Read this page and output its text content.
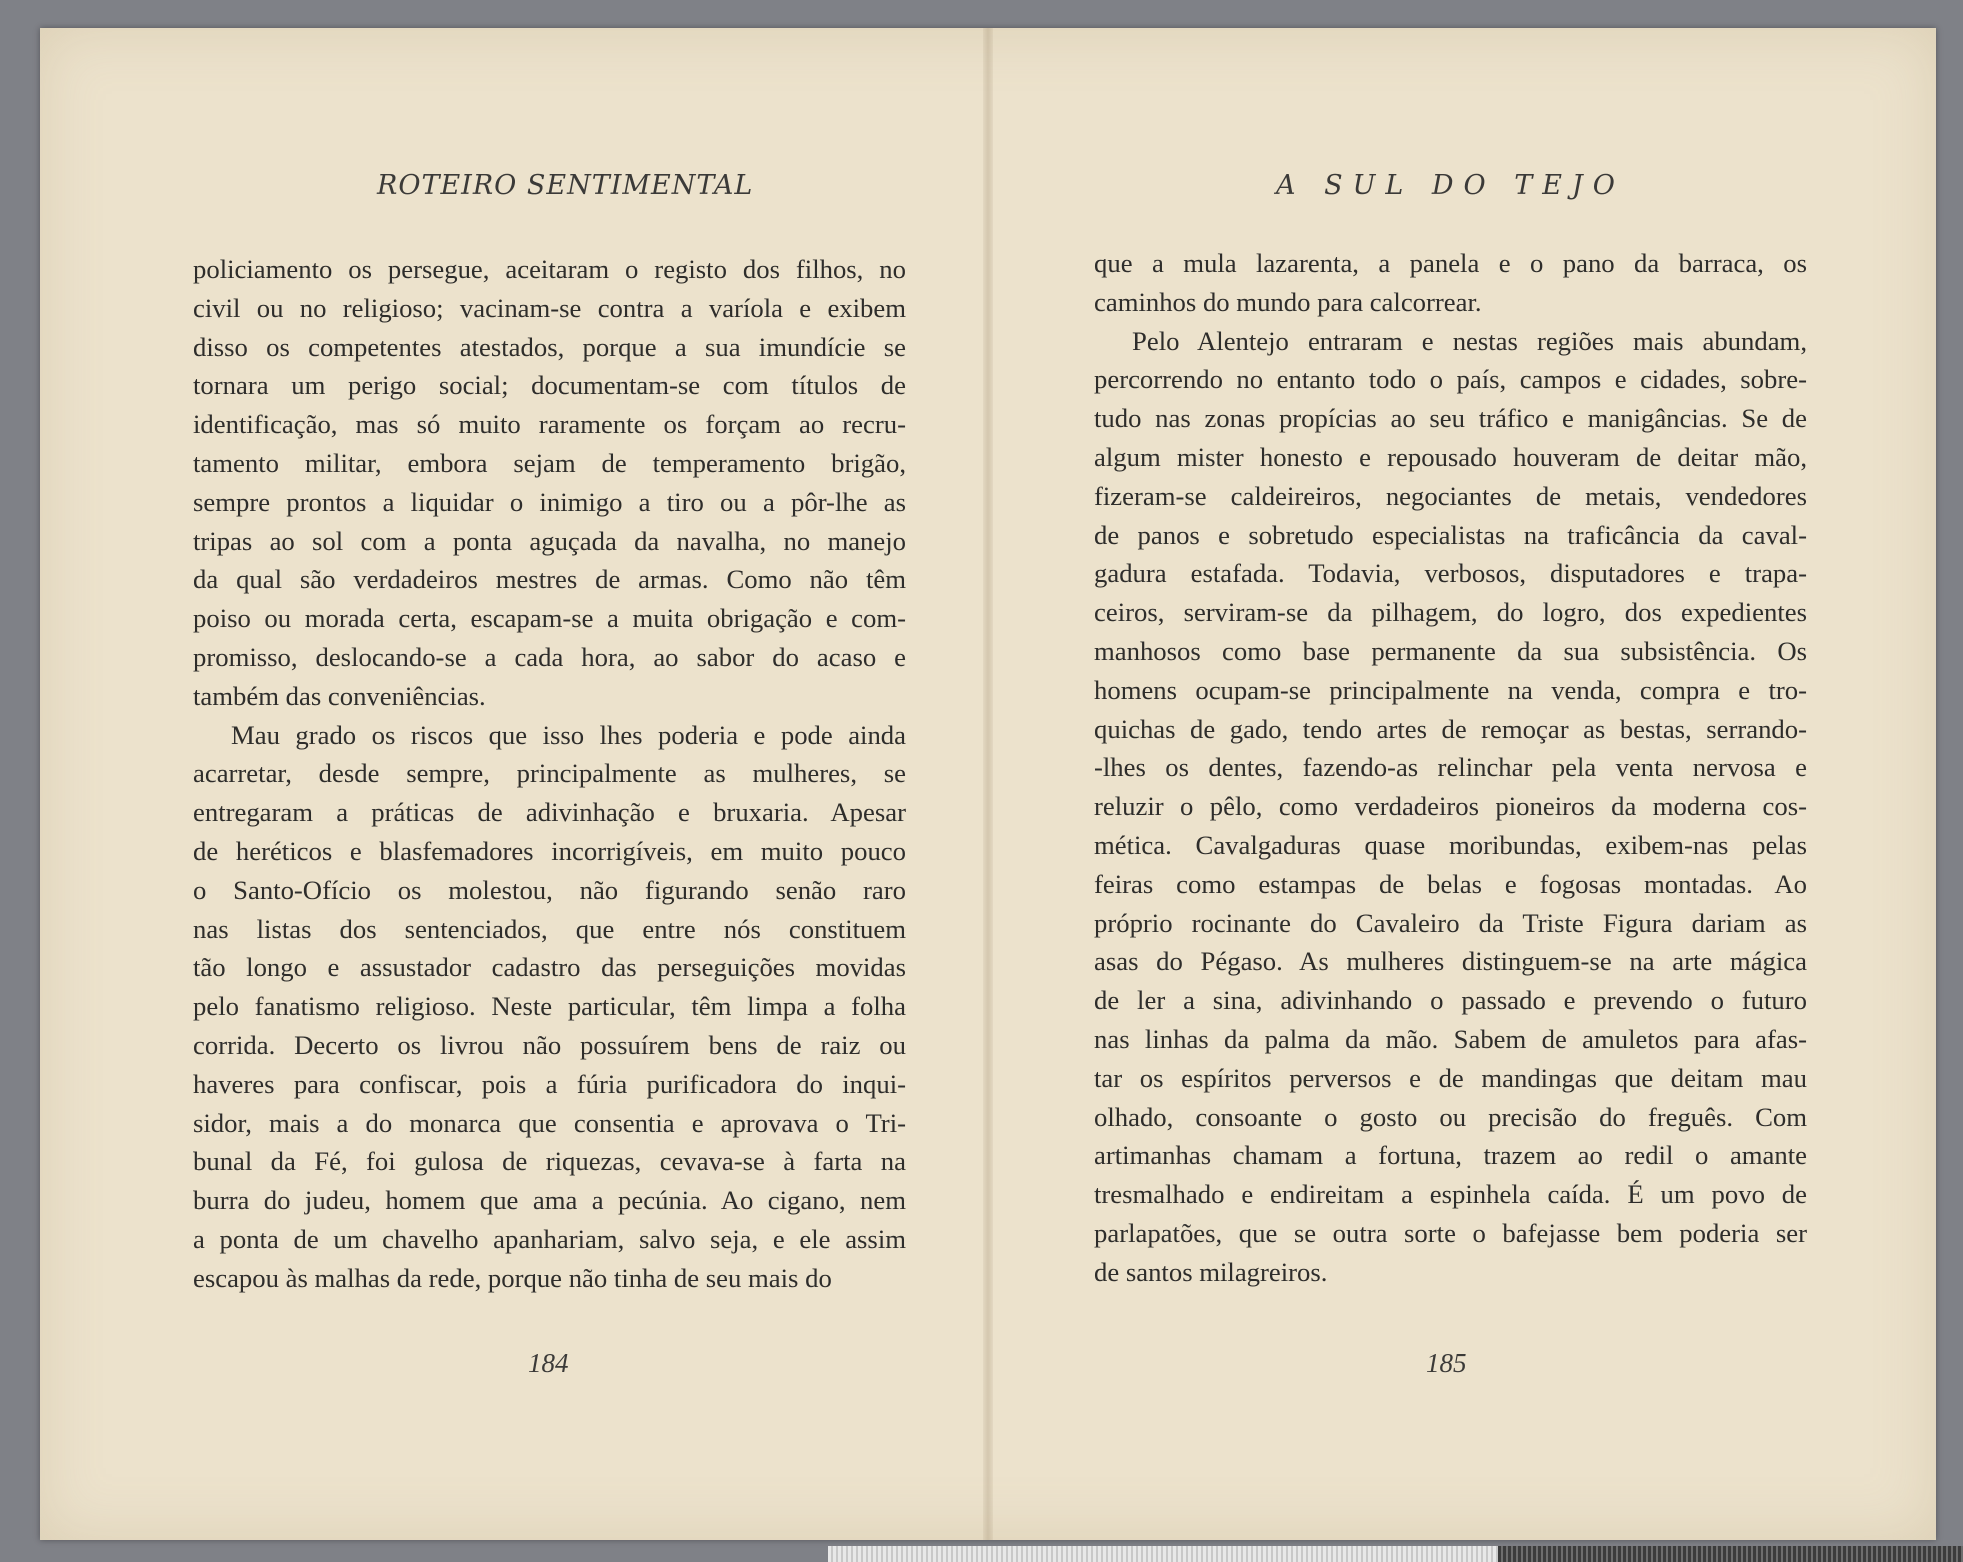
ROTEIRO SENTIMENTAL
policiamento os persegue, aceitaram o registo dos filhos, no
civil ou no religioso; vacinam-se contra a varíola e exibem
disso os competentes atestados, porque a sua imundície se
tornara um perigo social; documentam-se com títulos de
identificação, mas só muito raramente os forçam ao recru-
tamento militar, embora sejam de temperamento brigão,
sempre prontos a liquidar o inimigo a tiro ou a pôr-lhe as
tripas ao sol com a ponta aguçada da navalha, no manejo
da qual são verdadeiros mestres de armas. Como não têm
poiso ou morada certa, escapam-se a muita obrigação e com-
promisso, deslocando-se a cada hora, ao sabor do acaso e
também das conveniências.
Mau grado os riscos que isso lhes poderia e pode ainda
acarretar, desde sempre, principalmente as mulheres, se
entregaram a práticas de adivinhação e bruxaria. Apesar
de heréticos e blasfemadores incorrigíveis, em muito pouco
o Santo-Ofício os molestou, não figurando senão raro
nas listas dos sentenciados, que entre nós constituem
tão longo e assustador cadastro das perseguições movidas
pelo fanatismo religioso. Neste particular, têm limpa a folha
corrida. Decerto os livrou não possuírem bens de raiz ou
haveres para confiscar, pois a fúria purificadora do inqui-
sidor, mais a do monarca que consentia e aprovava o Tri-
bunal da Fé, foi gulosa de riquezas, cevava-se à farta na
burra do judeu, homem que ama a pecúnia. Ao cigano, nem
a ponta de um chavelho apanhariam, salvo seja, e ele assim
escapou às malhas da rede, porque não tinha de seu mais do
184
A SUL DO TEJO
que a mula lazarenta, a panela e o pano da barraca, os
caminhos do mundo para calcorrear.
Pelo Alentejo entraram e nestas regiões mais abundam,
percorrendo no entanto todo o país, campos e cidades, sobre-
tudo nas zonas propícias ao seu tráfico e manigâncias. Se de
algum mister honesto e repousado houveram de deitar mão,
fizeram-se caldeireiros, negociantes de metais, vendedores
de panos e sobretudo especialistas na traficância da caval-
gadura estafada. Todavia, verbosos, disputadores e trapa-
ceiros, serviram-se da pilhagem, do logro, dos expedientes
manhosos como base permanente da sua subsistência. Os
homens ocupam-se principalmente na venda, compra e tro-
quichas de gado, tendo artes de remoçar as bestas, serrando-
-lhes os dentes, fazendo-as relinchar pela venta nervosa e
reluzir o pêlo, como verdadeiros pioneiros da moderna cos-
mética. Cavalgaduras quase moribundas, exibem-nas pelas
feiras como estampas de belas e fogosas montadas. Ao
próprio rocinante do Cavaleiro da Triste Figura dariam as
asas do Pégaso. As mulheres distinguem-se na arte mágica
de ler a sina, adivinhando o passado e prevendo o futuro
nas linhas da palma da mão. Sabem de amuletos para afas-
tar os espíritos perversos e de mandingas que deitam mau
olhado, consoante o gosto ou precisão do freguês. Com
artimanhas chamam a fortuna, trazem ao redil o amante
tresmalhado e endireitam a espinhela caída. É um povo de
parlapatões, que se outra sorte o bafejasse bem poderia ser
de santos milagreiros.
185
